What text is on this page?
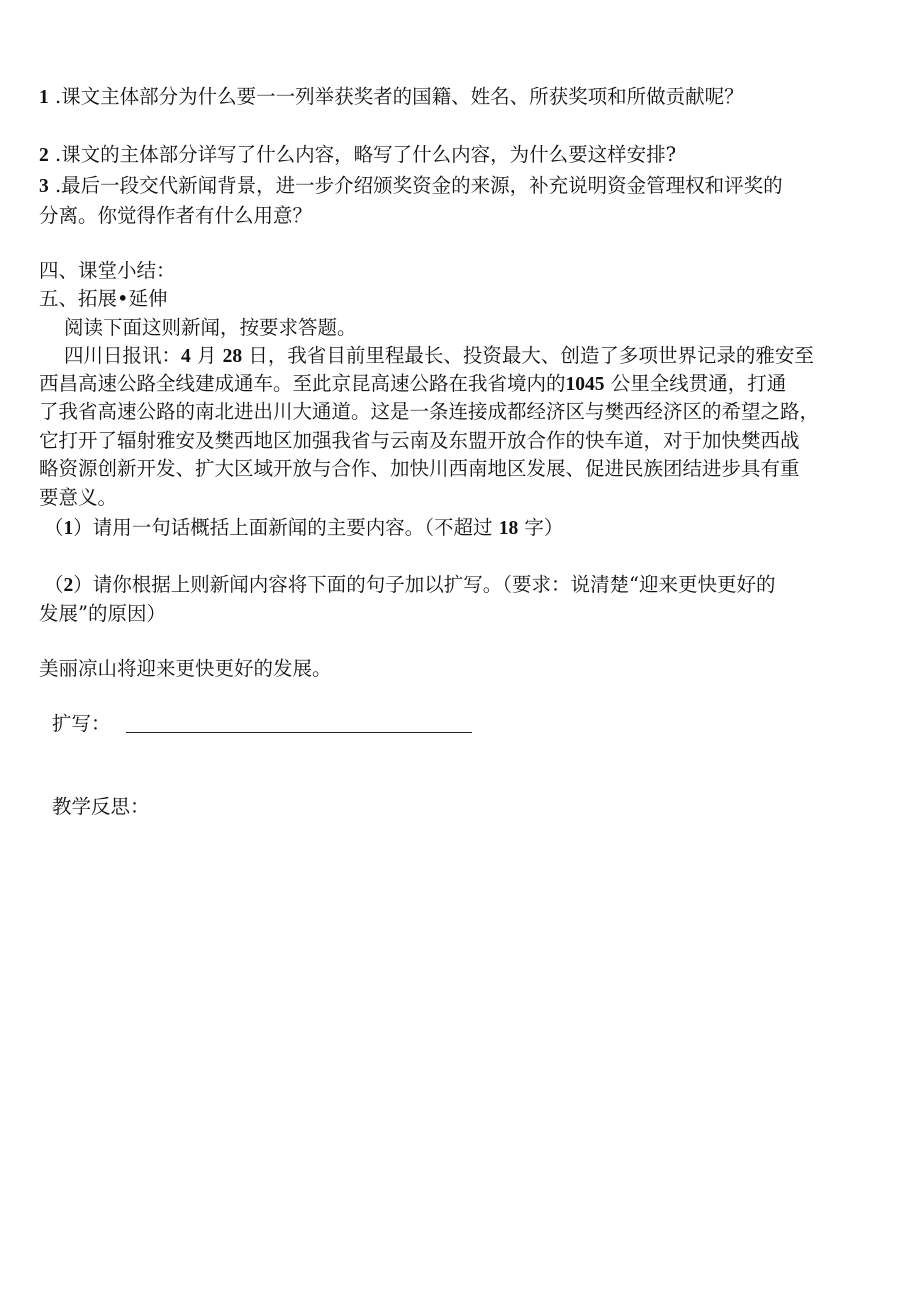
1 .课文主体部分为什么要一一列举获奖者的国籍、姓名、所获奖项和所做贡献呢？
2 .课文的主体部分详写了什么内容，略写了什么内容，为什么要这样安排?
3 .最后一段交代新闻背景，进一步介绍颁奖资金的来源，补充说明资金管理权和评奖的
分离。你觉得作者有什么用意？
四、课堂小结：
五、拓展•延伸
阅读下面这则新闻，按要求答题。
四川日报讯：4 月 28 日，我省目前里程最长、投资最大、创造了多项世界记录的雅安至
西昌高速公路全线建成通车。至此京昆高速公路在我省境内的1045 公里全线贯通，打通
了我省高速公路的南北进出川大通道。这是一条连接成都经济区与樊西经济区的希望之路，
它打开了辐射雅安及樊西地区加强我省与云南及东盟开放合作的快车道，对于加快樊西战
略资源创新开发、扩大区域开放与合作、加快川西南地区发展、促进民族团结进步具有重
要意义。
（1）请用一句话概括上面新闻的主要内容。（不超过 18 字）
（2）请你根据上则新闻内容将下面的句子加以扩写。（要求：说清楚“迎来更快更好的
发展”的原因）
美丽凉山将迎来更快更好的发展。
扩写：
教学反思：
